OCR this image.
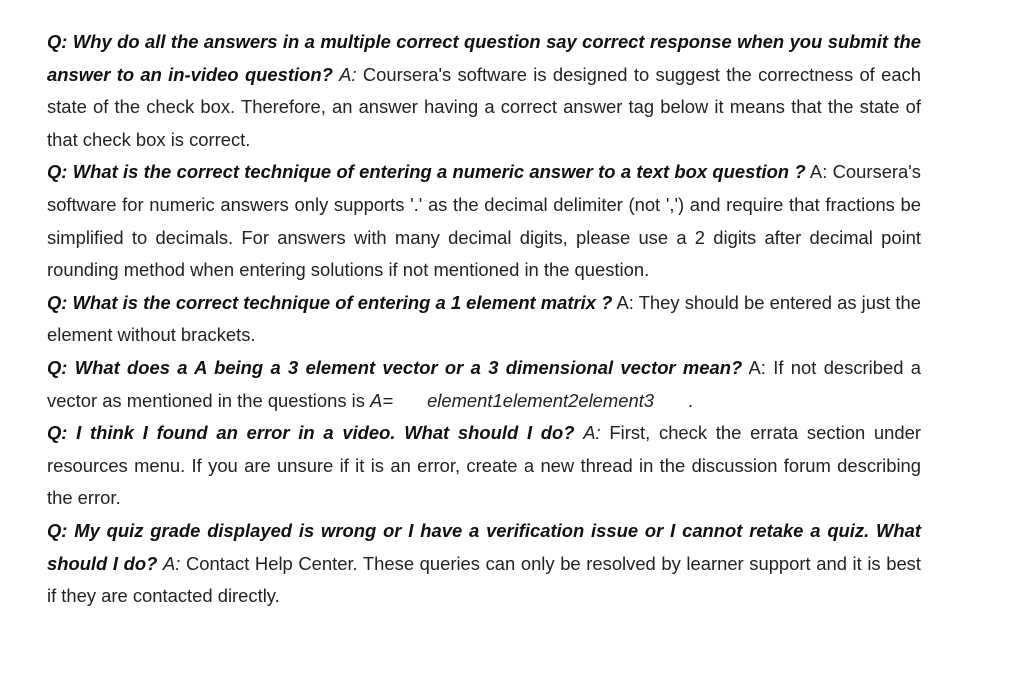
Q: Why do all the answers in a multiple correct question say correct response when you submit the answer to an in-video question? A: Coursera's software is designed to suggest the correctness of each state of the check box. Therefore, an answer having a correct answer tag below it means that the state of that check box is correct.

Q: What is the correct technique of entering a numeric answer to a text box question ? A: Coursera's software for numeric answers only supports '.' as the decimal delimiter (not ',') and require that fractions be simplified to decimals. For answers with many decimal digits, please use a 2 digits after decimal point rounding method when entering solutions if not mentioned in the question.

Q: What is the correct technique of entering a 1 element matrix ? A: They should be entered as just the element without brackets.

Q: What does a A being a 3 element vector or a 3 dimensional vector mean? A: If not described a vector as mentioned in the questions is A= element1element2element3 .

Q: I think I found an error in a video. What should I do? A: First, check the errata section under resources menu. If you are unsure if it is an error, create a new thread in the discussion forum describing the error.

Q: My quiz grade displayed is wrong or I have a verification issue or I cannot retake a quiz. What should I do? A: Contact Help Center. These queries can only be resolved by learner support and it is best if they are contacted directly.
